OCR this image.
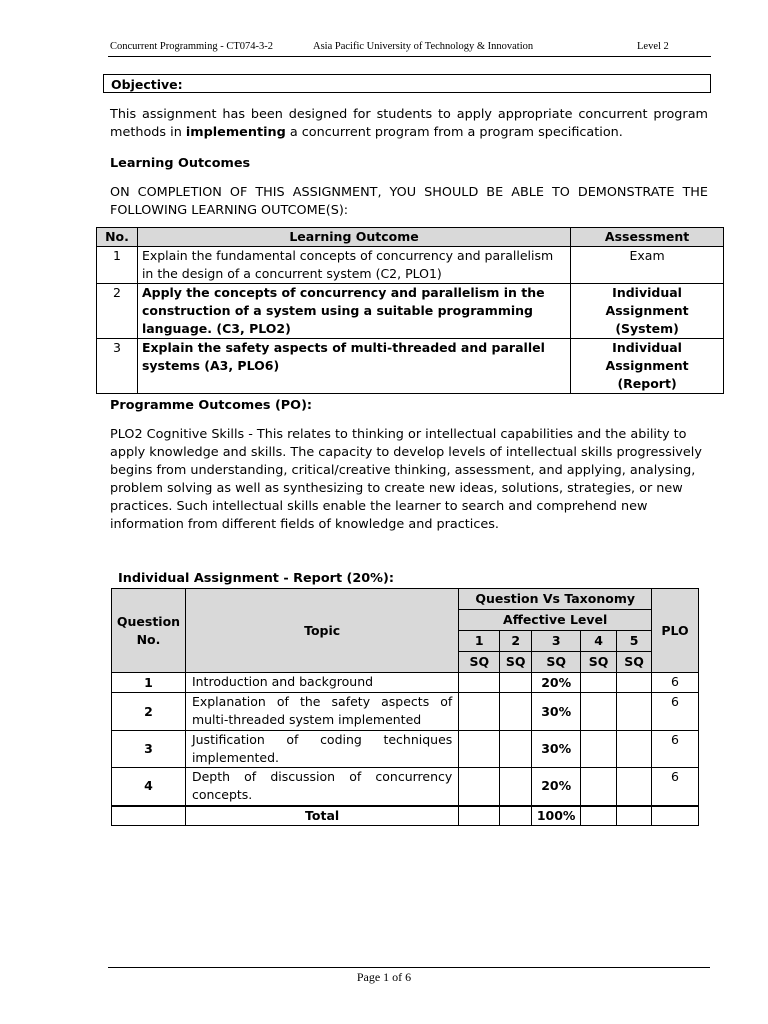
Concurrent Programming - CT074-3-2	Asia Pacific University of Technology & Innovation	Level 2
Objective:
This assignment has been designed for students to apply appropriate concurrent program methods in implementing a concurrent program from a program specification.
Learning Outcomes
ON COMPLETION OF THIS ASSIGNMENT, YOU SHOULD BE ABLE TO DEMONSTRATE THE FOLLOWING LEARNING OUTCOME(S):
No.	Learning Outcome	Assessment
1	Explain the fundamental concepts of concurrency and parallelism in the design of a concurrent system (C2, PLO1)	Exam
2	Apply the concepts of concurrency and parallelism in the construction of a system using a suitable programming language. (C3, PLO2)	Individual Assignment (System)
3	Explain the safety aspects of multi-threaded and parallel systems (A3, PLO6)	Individual Assignment (Report)
Programme Outcomes (PO):
PLO2 Cognitive Skills - This relates to thinking or intellectual capabilities and the ability to apply knowledge and skills. The capacity to develop levels of intellectual skills progressively begins from understanding, critical/creative thinking, assessment, and applying, analysing, problem solving as well as synthesizing to create new ideas, solutions, strategies, or new practices. Such intellectual skills enable the learner to search and comprehend new information from different fields of knowledge and practices.
Individual Assignment - Report (20%):
Question No.	Topic	Question Vs Taxonomy					PLO
		Affective Level					
		1	2	3	4	5	
		SQ	SQ	SQ	SQ	SQ	
1	Introduction and background			20%			6
2	Explanation of the safety aspects of multi-threaded system implemented			30%			6
3	Justification of coding techniques implemented.			30%			6
4	Depth of discussion of concurrency concepts.			20%			6
	Total			100%			
Page 1 of 6
